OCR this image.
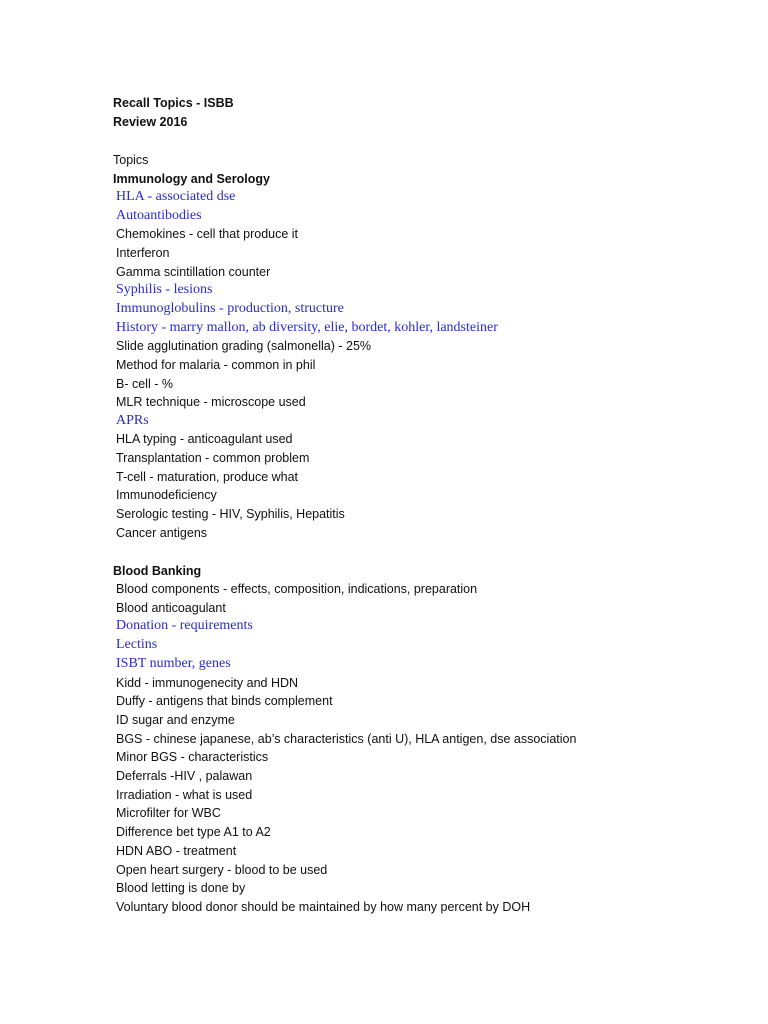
Recall Topics - ISBB
Review 2016
Topics
Immunology and Serology
HLA - associated dse
Autoantibodies
Chemokines - cell that produce it
Interferon
Gamma scintillation counter
Syphilis - lesions
Immunoglobulins - production, structure
History - marry mallon, ab diversity, elie, bordet, kohler, landsteiner
Slide agglutination grading (salmonella) - 25%
Method for malaria - common in phil
B- cell - %
MLR technique - microscope used
APRs
HLA typing - anticoagulant used
Transplantation - common problem
T-cell - maturation, produce what
Immunodeficiency
Serologic testing - HIV, Syphilis, Hepatitis
Cancer antigens
Blood Banking
Blood components - effects, composition, indications, preparation
Blood anticoagulant
Donation - requirements
Lectins
ISBT number, genes
Kidd - immunogenecity and HDN
Duffy - antigens that binds complement
ID sugar and enzyme
BGS - chinese japanese, ab’s characteristics (anti U), HLA antigen, dse association
Minor BGS - characteristics
Deferrals -HIV , palawan
Irradiation - what is used
Microfilter for WBC
Difference bet type A1 to A2
HDN ABO - treatment
Open heart surgery - blood to be used
Blood letting is done by
Voluntary blood donor should be maintained by how many percent by DOH
